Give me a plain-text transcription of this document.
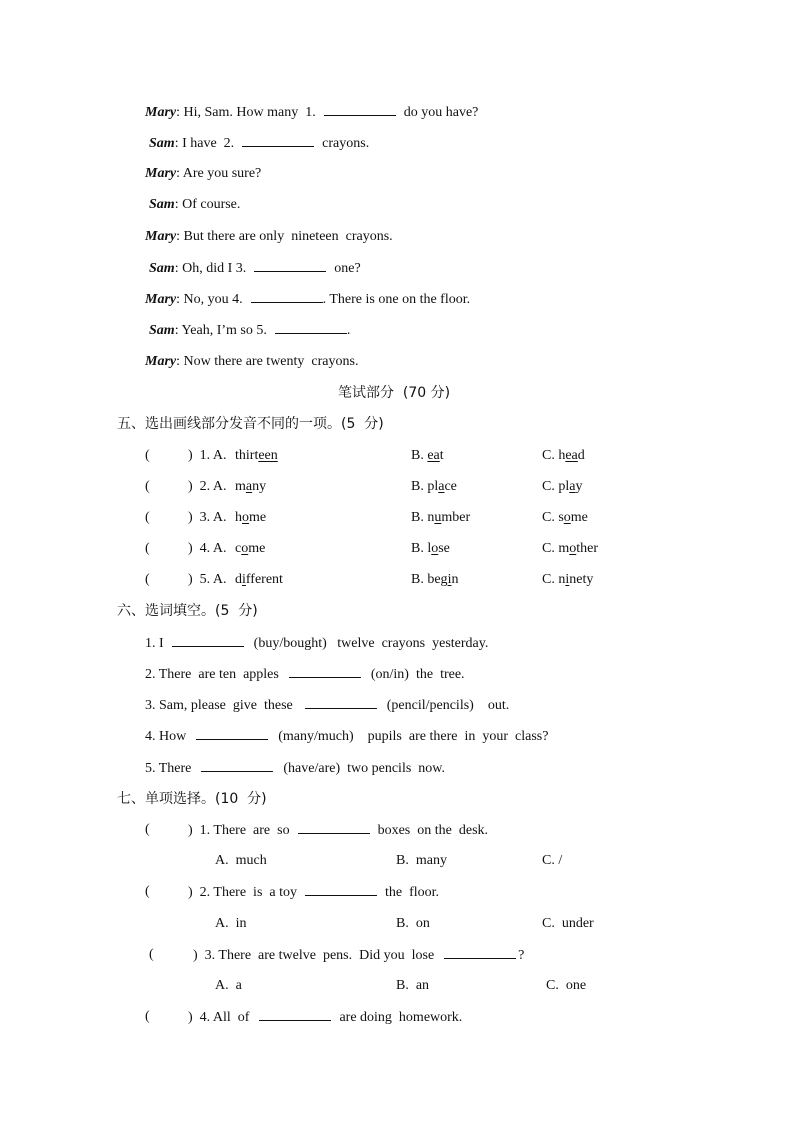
Mary: Hi, Sam. How many  1.	do you have?
Sam: I have  2.	crayons.
Mary: Are you sure?
Sam: Of course.
Mary: But there are only  nineteen  crayons.
Sam: Oh, did I 3.	one?
Mary: No, you 4.	. There is one on the floor.
Sam: Yeah, I’m so 5.	.
Mary: Now there are twenty  crayons.
笔试部分  (70 分)
五、选出画线部分发音不同的一项。(5  分)
(	)  1. A. thirteen	B. eat	C. head
(	)  2. A. many	B. place	C. play
(	)  3. A. home	B. number	C. some
(	)  4. A. come	B. lose	C. mother
(	)  5. A. different	B. begin	C. ninety
六、选词填空。(5  分)
1. I	(buy/bought)   twelve  crayons  yesterday.
2. There  are ten  apples	(on/in)  the  tree.
3. Sam, please  give  these	(pencil/pencils)    out.
4. How	(many/much)    pupils  are there  in  your  class?
5. There	(have/are)  two pencils  now.
七、单项选择。(10  分)
(	)  1. There  are  so	boxes  on the  desk.
A.  much	B.  many	C. /
(	)  2. There  is  a toy	the  floor.
A.  in	B.  on	C.  under
(	)  3. There  are twelve  pens.  Did you  lose	?
A.  a	B.  an	C.  one
(	)  4. All  of	are doing  homework.
